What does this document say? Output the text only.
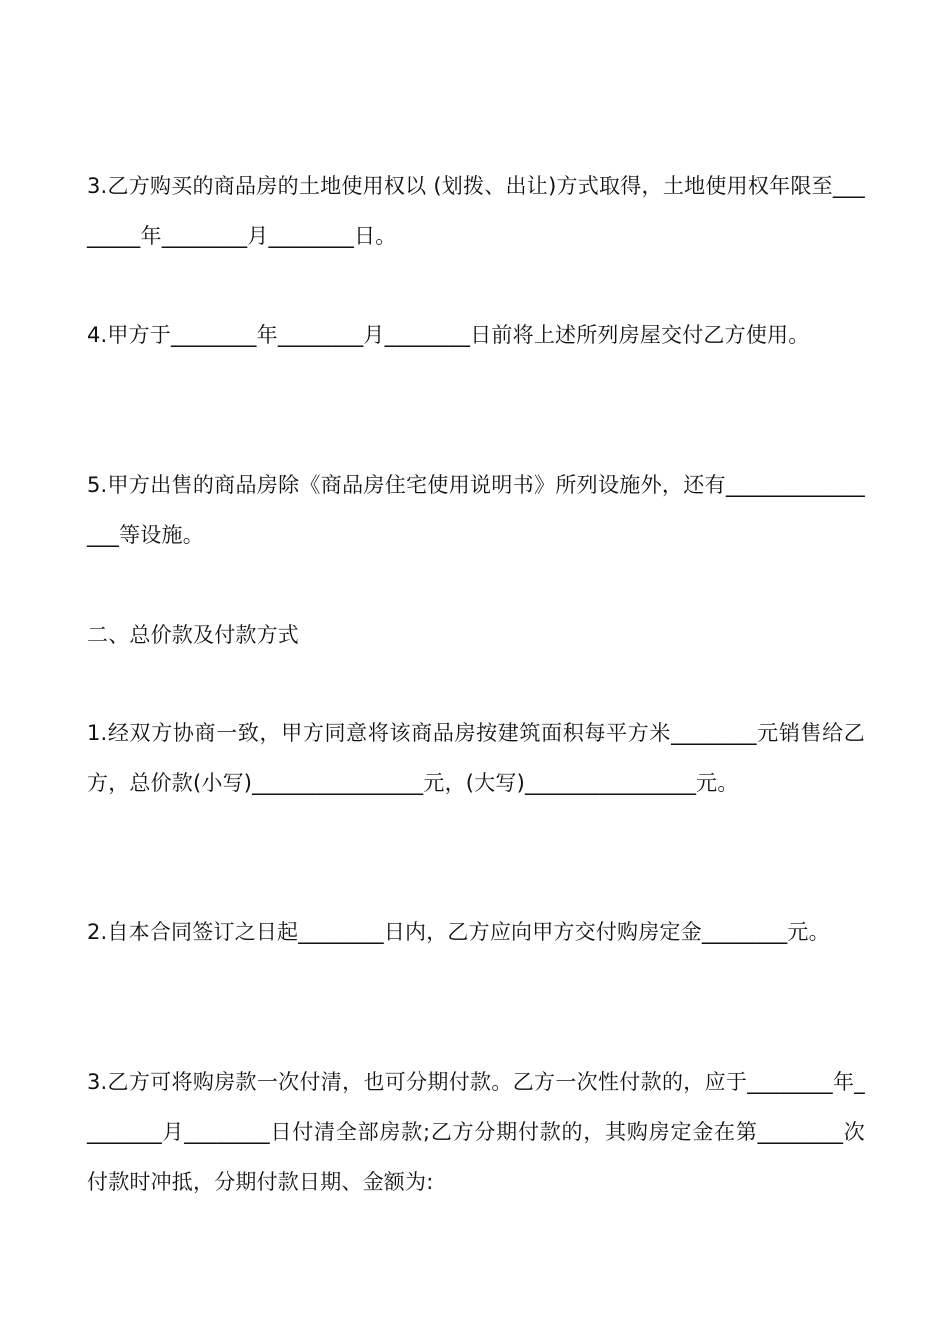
3.乙方购买的商品房的土地使用权以 (划拨、出让)方式取得，土地使用权年限至________年________月________日。

4.甲方于________年________月________日前将上述所列房屋交付乙方使用。

5.甲方出售的商品房除《商品房住宅使用说明书》所列设施外，还有________________等设施。

二、总价款及付款方式

1.经双方协商一致，甲方同意将该商品房按建筑面积每平方米________元销售给乙方，总价款(小写)________________元，(大写)________________元。

2.自本合同签订之日起________日内，乙方应向甲方交付购房定金________元。

3.乙方可将购房款一次付清，也可分期付款。乙方一次性付款的，应于________年________月________日付清全部房款;乙方分期付款的，其购房定金在第________次付款时冲抵，分期付款日期、金额为:
